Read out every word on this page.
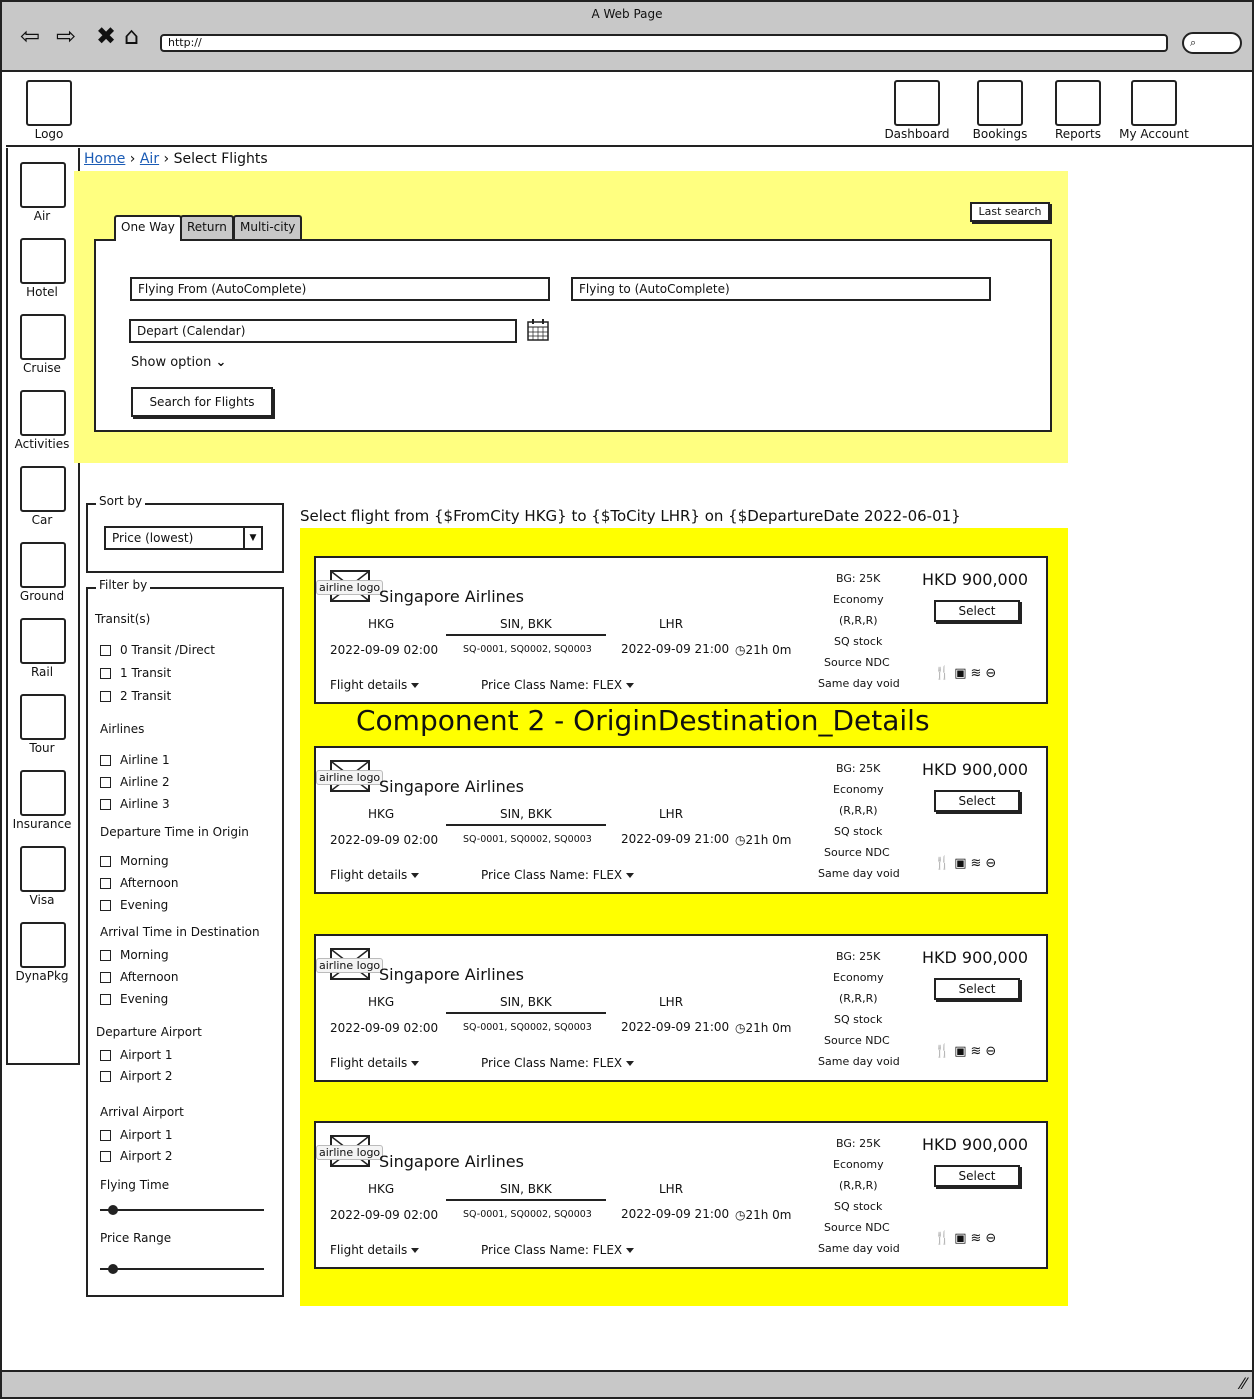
A Web Page
⇦ ⇨ ✖ ⌂	http://	⌕
Logo	Dashboard	Bookings	Reports	My Account
Air
Hotel
Cruise
Activities
Car
Ground
Rail
Tour
Insurance
Visa
DynaPkg
Home › Air › Select Flights
One Way	Return	Multi-city
Last search
Flying From (AutoComplete)	Flying to (AutoComplete)
Depart (Calendar)
Show option ⌄
Search for Flights
Sort by
Price (lowest)	▼
Filter by
Transit(s)
0 Transit /Direct
1 Transit
2 Transit
Airlines
Airline 1
Airline 2
Airline 3
Departure Time in Origin
Morning
Afternoon
Evening
Arrival Time in Destination
Morning
Afternoon
Evening
Departure Airport
Airport 1
Airport 2
Arrival Airport
Airport 1
Airport 2
Flying Time
Price Range
Select flight from {$FromCity HKG} to {$ToCity LHR} on {$DepartureDate 2022-06-01}
Component 2 - OriginDestination_Details
airline logo
Singapore Airlines
HKG	SIN, BKK	LHR
2022-09-09 02:00	SQ-0001, SQ0002, SQ0003 2022-09-09 21:00 ◷21h 0m
Flight details	Price Class Name: FLEX
BG: 25K
Economy
(R,R,R)
SQ stock
Source NDC
Same day void
HKD 900,000
Select
🍴▣≋⊖
airline logo
Singapore Airlines
HKG	SIN, BKK	LHR
2022-09-09 02:00	SQ-0001, SQ0002, SQ0003 2022-09-09 21:00 ◷21h 0m
Flight details	Price Class Name: FLEX
BG: 25K
Economy
(R,R,R)
SQ stock
Source NDC
Same day void
HKD 900,000
Select
🍴▣≋⊖
airline logo
Singapore Airlines
HKG	SIN, BKK	LHR
2022-09-09 02:00	SQ-0001, SQ0002, SQ0003 2022-09-09 21:00 ◷21h 0m
Flight details	Price Class Name: FLEX
BG: 25K
Economy
(R,R,R)
SQ stock
Source NDC
Same day void
HKD 900,000
Select
🍴▣≋⊖
airline logo
Singapore Airlines
HKG	SIN, BKK	LHR
2022-09-09 02:00	SQ-0001, SQ0002, SQ0003 2022-09-09 21:00 ◷21h 0m
Flight details	Price Class Name: FLEX
BG: 25K
Economy
(R,R,R)
SQ stock
Source NDC
Same day void
HKD 900,000
Select
🍴▣≋⊖
⁄⁄
